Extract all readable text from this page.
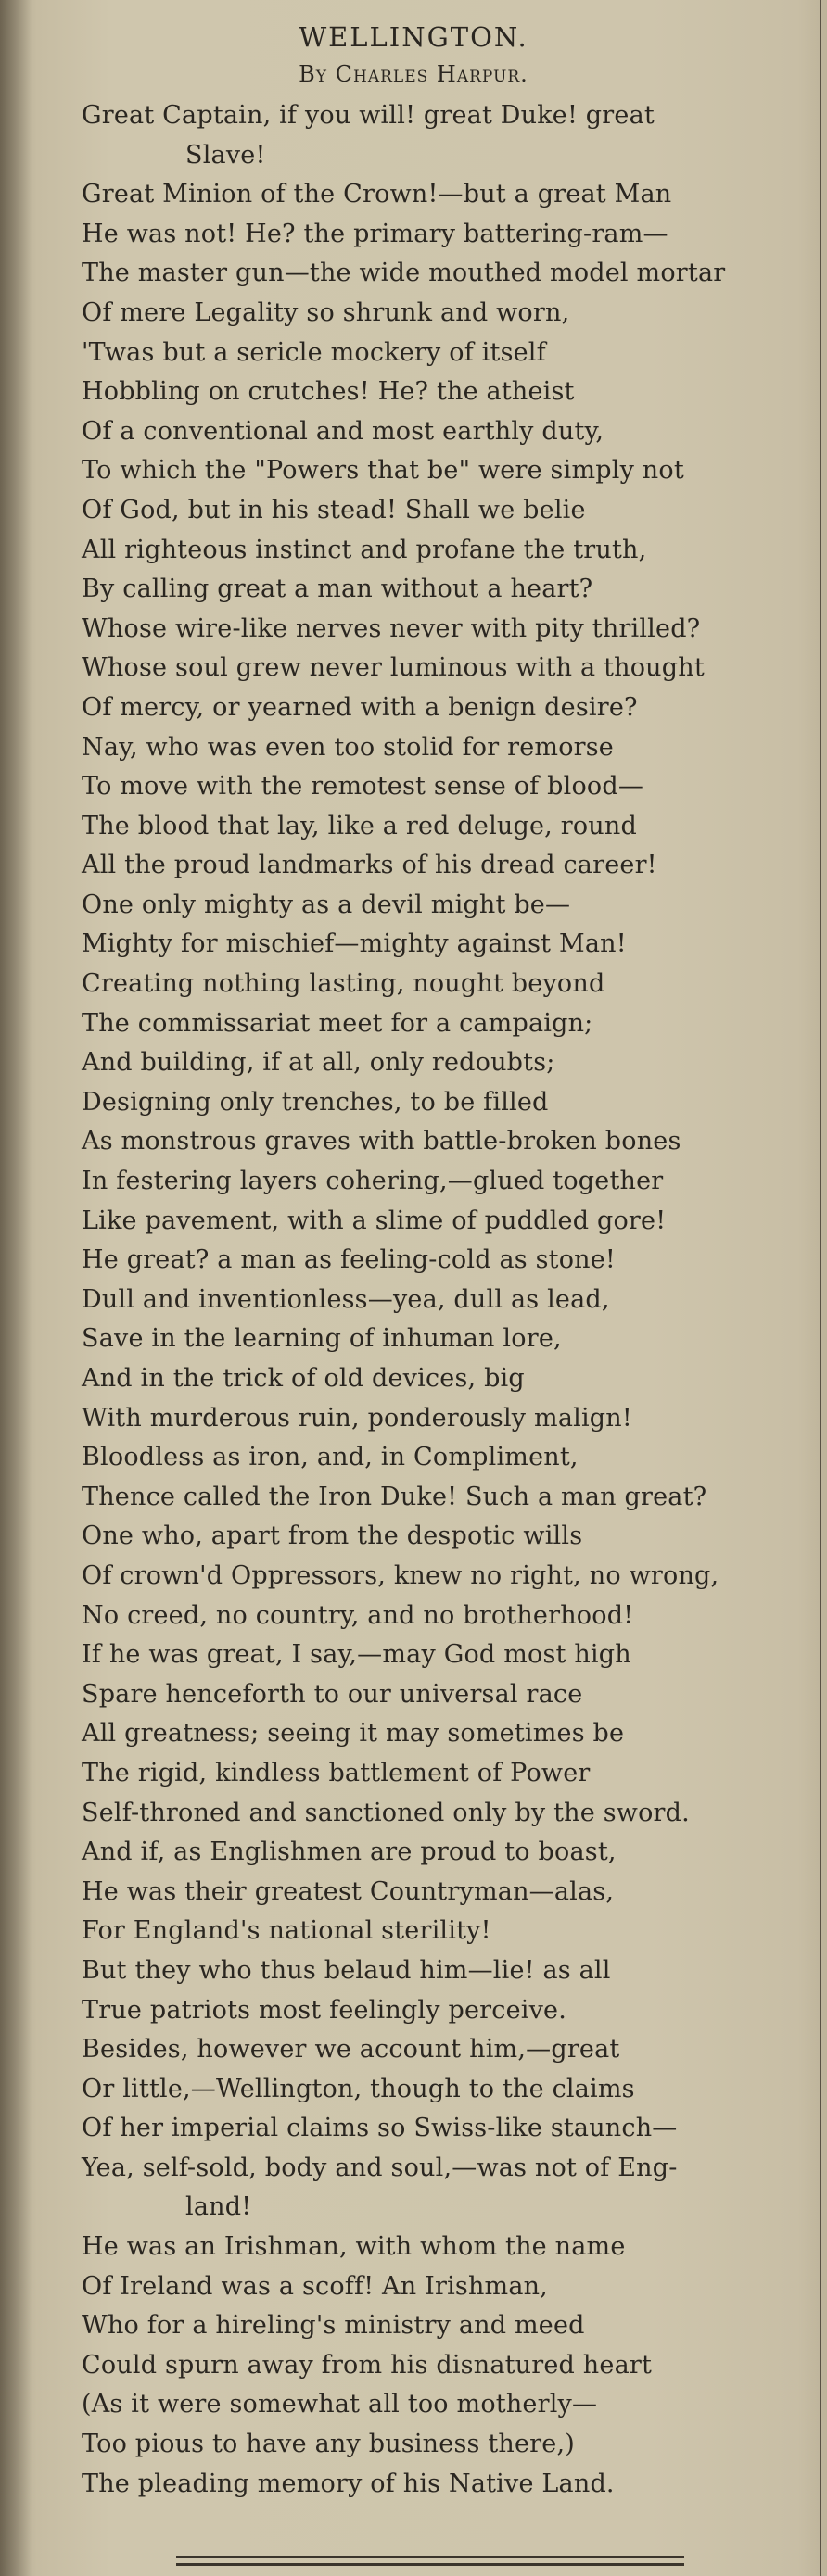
WELLINGTON.
By Charles Harpur.
Great Captain, if you will! great Duke! great
Slave!
Great Minion of the Crown!—but a great Man
He was not! He? the primary battering-ram—
The master gun—the wide mouthed model mortar
Of mere Legality so shrunk and worn,
'Twas but a sericle mockery of itself
Hobbling on crutches! He? the atheist
Of a conventional and most earthly duty,
To which the "Powers that be" were simply not
Of God, but in his stead! Shall we belie
All righteous instinct and profane the truth,
By calling great a man without a heart?
Whose wire-like nerves never with pity thrilled?
Whose soul grew never luminous with a thought
Of mercy, or yearned with a benign desire?
Nay, who was even too stolid for remorse
To move with the remotest sense of blood—
The blood that lay, like a red deluge, round
All the proud landmarks of his dread career!
One only mighty as a devil might be—
Mighty for mischief—mighty against Man!
Creating nothing lasting, nought beyond
The commissariat meet for a campaign;
And building, if at all, only redoubts;
Designing only trenches, to be filled
As monstrous graves with battle-broken bones
In festering layers cohering,—glued together
Like pavement, with a slime of puddled gore!
He great? a man as feeling-cold as stone!
Dull and inventionless—yea, dull as lead,
Save in the learning of inhuman lore,
And in the trick of old devices, big
With murderous ruin, ponderously malign!
Bloodless as iron, and, in Compliment,
Thence called the Iron Duke! Such a man great?
One who, apart from the despotic wills
Of crown'd Oppressors, knew no right, no wrong,
No creed, no country, and no brotherhood!
If he was great, I say,—may God most high
Spare henceforth to our universal race
All greatness; seeing it may sometimes be
The rigid, kindless battlement of Power
Self-throned and sanctioned only by the sword.
And if, as Englishmen are proud to boast,
He was their greatest Countryman—alas,
For England's national sterility!
But they who thus belaud him—lie! as all
True patriots most feelingly perceive.
Besides, however we account him,—great
Or little,—Wellington, though to the claims
Of her imperial claims so Swiss-like staunch—
Yea, self-sold, body and soul,—was not of Eng-
land!
He was an Irishman, with whom the name
Of Ireland was a scoff! An Irishman,
Who for a hireling's ministry and meed
Could spurn away from his disnatured heart
(As it were somewhat all too motherly—
Too pious to have any business there,)
The pleading memory of his Native Land.
